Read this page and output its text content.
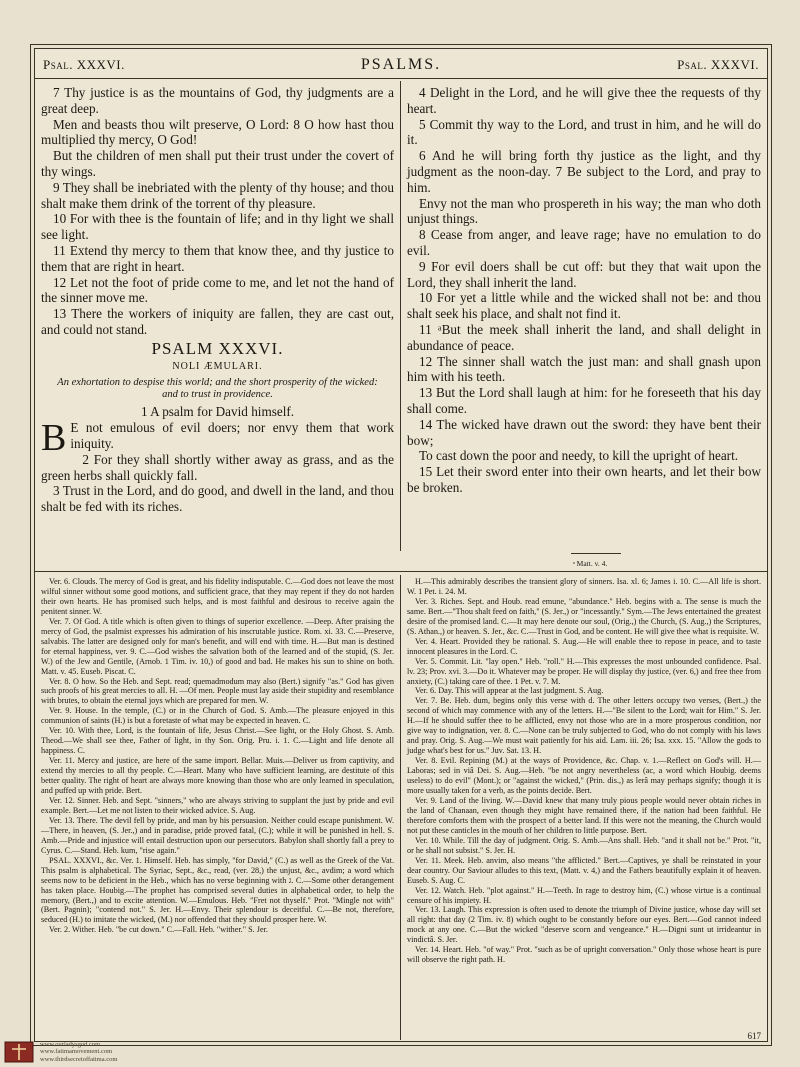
Psal. XXXVI.	PSALMS.	Psal. XXXVI.

7 Thy justice is as the mountains of God, thy judgments are a great deep.

Men and beasts thou wilt preserve, O Lord: 8 O how hast thou multiplied thy mercy, O God!

But the children of men shall put their trust under the covert of thy wings.

9 They shall be inebriated with the plenty of thy house; and thou shalt make them drink of the torrent of thy pleasure.

10 For with thee is the fountain of life; and in thy light we shall see light.

11 Extend thy mercy to them that know thee, and thy justice to them that are right in heart.

12 Let not the foot of pride come to me, and let not the hand of the sinner move me.

13 There the workers of iniquity are fallen, they are cast out, and could not stand.

PSALM XXXVI.
NOLI ÆMULARI.
An exhortation to despise this world; and the short prosperity of the wicked: and to trust in providence.

1 A psalm for David himself.

B E not emulous of evil doers; nor envy them that work iniquity.

2 For they shall shortly wither away as grass, and as the green herbs shall quickly fall.

3 Trust in the Lord, and do good, and dwell in the land, and thou shalt be fed with its riches.

4 Delight in the Lord, and he will give thee the requests of thy heart.

5 Commit thy way to the Lord, and trust in him, and he will do it.

6 And he will bring forth thy justice as the light, and thy judgment as the noon-day. 7 Be subject to the Lord, and pray to him.

Envy not the man who prospereth in his way; the man who doth unjust things.

8 Cease from anger, and leave rage; have no emulation to do evil.

9 For evil doers shall be cut off: but they that wait upon the Lord, they shall inherit the land.

10 For yet a little while and the wicked shall not be: and thou shalt seek his place, and shalt not find it.

11 ᵃBut the meek shall inherit the land, and shall delight in abundance of peace.

12 The sinner shall watch the just man: and shall gnash upon him with his teeth.

13 But the Lord shall laugh at him: for he foreseeth that his day shall come.

14 The wicked have drawn out the sword: they have bent their bow;

To cast down the poor and needy, to kill the upright of heart.

15 Let their sword enter into their own hearts, and let their bow be broken.

ᵃ Matt. v. 4.

Ver. 6. Clouds. The mercy of God is great, and his fidelity indisputable. C.—God does not leave the most wilful sinner without some good motions, and sufficient grace, that they may repent if they do not harden their own hearts. He has promised such helps, and is most faithful and desirous to receive again the penitent sinner. W.

Ver. 7. Of God. A title which is often given to things of superior excellence. —Deep. After praising the mercy of God, the psalmist expresses his admiration of his inscrutable justice. Rom. xi. 33. C.—Preserve, salvabis. The latter are designed only for man's benefit, and will end with time. H.—But man is destined for eternal happiness, ver. 9. C.—God wishes the salvation both of the learned and of the stupid, (S. Jer. W.) of the Jew and Gentile, (Arnob. 1 Tim. iv. 10,) of good and bad. He makes his sun to shine on both. Matt. v. 45. Euseb. Piscat. C.

Ver. 8. O how. So the Heb. and Sept. read; quemadmodum may also (Bert.) signify "as." God has given such proofs of his great mercies to all. H. —Of men. People must lay aside their stupidity and resemblance with brutes, to obtain the eternal joys which are prepared for men. W.

Ver. 9. House. In the temple, (C.) or in the Church of God. S. Amb.—The pleasure enjoyed in this communion of saints (H.) is but a foretaste of what may be expected in heaven. C.

Ver. 10. With thee, Lord, is the fountain of life, Jesus Christ.—See light, or the Holy Ghost. S. Amb. Theod.—We shall see thee, Father of light, in thy Son. Orig. Pru. i. 1. C.—Light and life denote all happiness. C.

Ver. 11. Mercy and justice, are here of the same import. Bellar. Muis.—Deliver us from captivity, and extend thy mercies to all thy people. C.—Heart. Many who have sufficient learning, are destitute of this better quality. The right of heart are always more knowing than those who are only learned in speculation, and puffed up with pride. Bert.

Ver. 12. Sinner. Heb. and Sept. "sinners," who are always striving to supplant the just by pride and evil example. Bert.—Let me not listen to their wicked advice. S. Aug.

Ver. 13. There. The devil fell by pride, and man by his persuasion. Neither could escape punishment. W.—There, in heaven, (S. Jer.,) and in paradise, pride proved fatal, (C.); while it will be punished in hell. S. Amb.—Pride and injustice will entail destruction upon our persecutors. Babylon shall shortly fall a prey to Cyrus. C.—Stand. Heb. kum, "rise again."

PSAL. XXXVI., &c. Ver. 1. Himself. Heb. has simply, "for David," (C.) as well as the Greek of the Vat. This psalm is alphabetical. The Syriac, Sept., &c., read, (ver. 28,) the unjust, &c., avdim; a word which seems now to be deficient in the Heb., which has no verse beginning with ג. C.—Some other derangement has taken place. Houbig.—The prophet has comprised several duties in alphabetical order, to help the memory, (Bert.,) and to excite attention. W.—Emulous. Heb. "Fret not thyself." Prot. "Mingle not with" (Bert. Pagnin); "contend not." S. Jer. H.—Envy. Their splendour is deceitful. C.—Be not, therefore, seduced (H.) to imitate the wicked, (M.) nor offended that they should prosper here. W.

Ver. 2. Wither. Heb. "be cut down." C.—Fall. Heb. "wither." S. Jer.

H.—This admirably describes the transient glory of sinners. Isa. xl. 6; James i. 10. C.—All life is short. W. 1 Pet. i. 24. M.

Ver. 3. Riches. Sept. and Houb. read emune, "abundance." Heb. begins with a. The sense is much the same. Bert.—"Thou shalt feed on faith," (S. Jer.,) or "incessantly." Sym.—The Jews entertained the greatest desire of the promised land. C.—It may here denote our soul, (Orig.,) the Church, (S. Aug.,) the Scriptures, (S. Athan.,) or heaven. S. Jer., &c. C.—Trust in God, and be content. He will give thee what is requisite. W.

Ver. 4. Heart. Provided they be rational. S. Aug.—He will enable thee to repose in peace, and to taste innocent pleasures in the Lord. C.

Ver. 5. Commit. Lit. "lay open." Heb. "roll." H.—This expresses the most unbounded confidence. Psal. lv. 23; Prov. xvi. 3.—Do it. Whatever may be proper. He will display thy justice, (ver. 6,) and free thee from anxiety, (C.) taking care of thee. 1 Pet. v. 7. M.

Ver. 6. Day. This will appear at the last judgment. S. Aug.

Ver. 7. Be. Heb. dum, begins only this verse with d. The other letters occupy two verses, (Bert.,) the second of which may commence with any of the letters. H.—"Be silent to the Lord; wait for Him." S. Jer. H.—If he should suffer thee to be afflicted, envy not those who are in a more prosperous condition, nor give way to indignation, ver. 8. C.—None can be truly subjected to God, who do not comply with his laws and pray. Orig. S. Aug.—We must wait patiently for his aid. Lam. iii. 26; Isa. xxx. 15. "Allow the gods to judge what's best for us." Juv. Sat. 13. H.

Ver. 8. Evil. Repining (M.) at the ways of Providence, &c. Chap. v. 1.—Reflect on God's will. H.—Laboras; sed in viâ Dei. S. Aug.—Heb. "be not angry nevertheless (ac, a word which Houbig. deems useless) to do evil" (Mont.); or "against the wicked," (Prin. dis.,) as lerâ may perhaps signify; though it is more usually taken for a verb, as the points decide. Bert.

Ver. 9. Land of the living. W.—David knew that many truly pious people would never obtain riches in the land of Chanaan, even though they might have remained there, if the nation had been faithful. He therefore comforts them with the prospect of a better land. If this were not the meaning, the Church would not put these canticles in the mouth of her children to little purpose. Bert.

Ver. 10. While. Till the day of judgment. Orig. S. Amb.—Ans shall. Heb. "and it shall not be." Prot. "it, or he shall not subsist." S. Jer. H.

Ver. 11. Meek. Heb. anvim, also means "the afflicted." Bert.—Captives, ye shall be reinstated in your dear country. Our Saviour alludes to this text, (Matt. v. 4,) and the Fathers beautifully explain it of heaven. Euseb. S. Aug. C.

Ver. 12. Watch. Heb. "plot against." H.—Teeth. In rage to destroy him, (C.) whose virtue is a continual censure of his impiety. H.

Ver. 13. Laugh. This expression is often used to denote the triumph of Divine justice, whose day will set all right: that day (2 Tim. iv. 8) which ought to be constantly before our eyes. Bert.—God cannot indeed mock at any one. C.—But the wicked "deserve scorn and vengeance." H.—Digni sunt ut irrideantur in vindictâ. S. Jer.

Ver. 14. Heart. Heb. "of way." Prot. "such as be of upright conversation." Only those whose heart is pure will observe the right path. H.

617
www.ourladysgod.com
www.fatimamovement.com
www.thirdsecretoffatima.com
